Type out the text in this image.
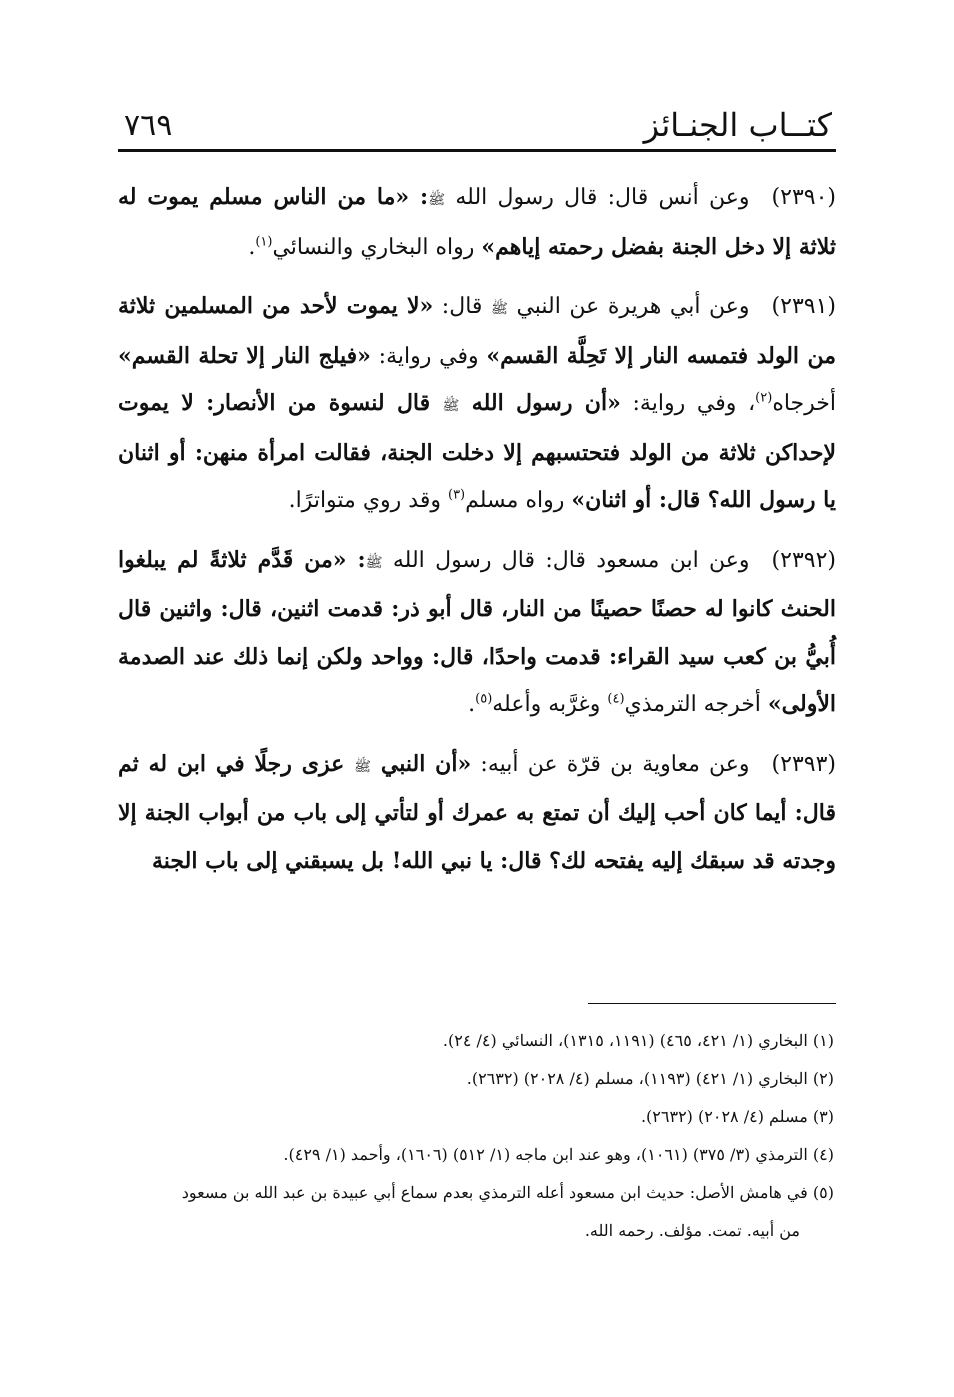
٧٦٩	كتــاب الجنـائز

(٢٣٩٠)وعن أنس قال: قال رسول الله ﷺ: «ما من الناس مسلم يموت له ثلاثة إلا دخل الجنة بفضل رحمته إياهم» رواه البخاري والنسائي$^{(١)}$.

(٢٣٩١)وعن أبي هريرة عن النبي ﷺ قال: «لا يموت لأحد من المسلمين ثلاثة من الولد فتمسه النار إلا تَحِلَّة القسم» وفي رواية: «فيلج النار إلا تحلة القسم» أخرجاه$^{(٢)}$، وفي رواية: «أن رسول الله ﷺ قال لنسوة من الأنصار: لا يموت لإحداكن ثلاثة من الولد فتحتسبهم إلا دخلت الجنة، فقالت امرأة منهن: أو اثنان يا رسول الله؟ قال: أو اثنان» رواه مسلم$^{(٣)}$ وقد روي متواترًا.

(٢٣٩٢)وعن ابن مسعود قال: قال رسول الله ﷺ: «من قَدَّم ثلاثةً لم يبلغوا الحنث كانوا له حصنًا حصينًا من النار، قال أبو ذر: قدمت اثنين، قال: واثنين قال أُبيُّ بن كعب سيد القراء: قدمت واحدًا، قال: وواحد ولكن إنما ذلك عند الصدمة الأولى» أخرجه الترمذي$^{(٤)}$ وغرَّبه وأعله$^{(٥)}$.

(٢٣٩٣)وعن معاوية بن قرّة عن أبيه: «أن النبي ﷺ عزى رجلًا في ابن له ثم قال: أيما كان أحب إليك أن تمتع به عمرك أو لتأتي إلى باب من أبواب الجنة إلا وجدته قد سبقك إليه يفتحه لك؟ قال: يا نبي الله! بل يسبقني إلى باب الجنة

(١) البخاري (١/ ٤٢١، ٤٦٥) (١١٩١، ١٣١٥)، النسائي (٤/ ٢٤).
(٢) البخاري (١/ ٤٢١) (١١٩٣)، مسلم (٤/ ٢٠٢٨) (٢٦٣٢).
(٣) مسلم (٤/ ٢٠٢٨) (٢٦٣٢).
(٤) الترمذي (٣/ ٣٧٥) (١٠٦١)، وهو عند ابن ماجه (١/ ٥١٢) (١٦٠٦)، وأحمد (١/ ٤٢٩).
(٥) في هامش الأصل: حديث ابن مسعود أعله الترمذي بعدم سماع أبي عبيدة بن عبد الله بن مسعود
من أبيه. تمت. مؤلف. رحمه الله.
